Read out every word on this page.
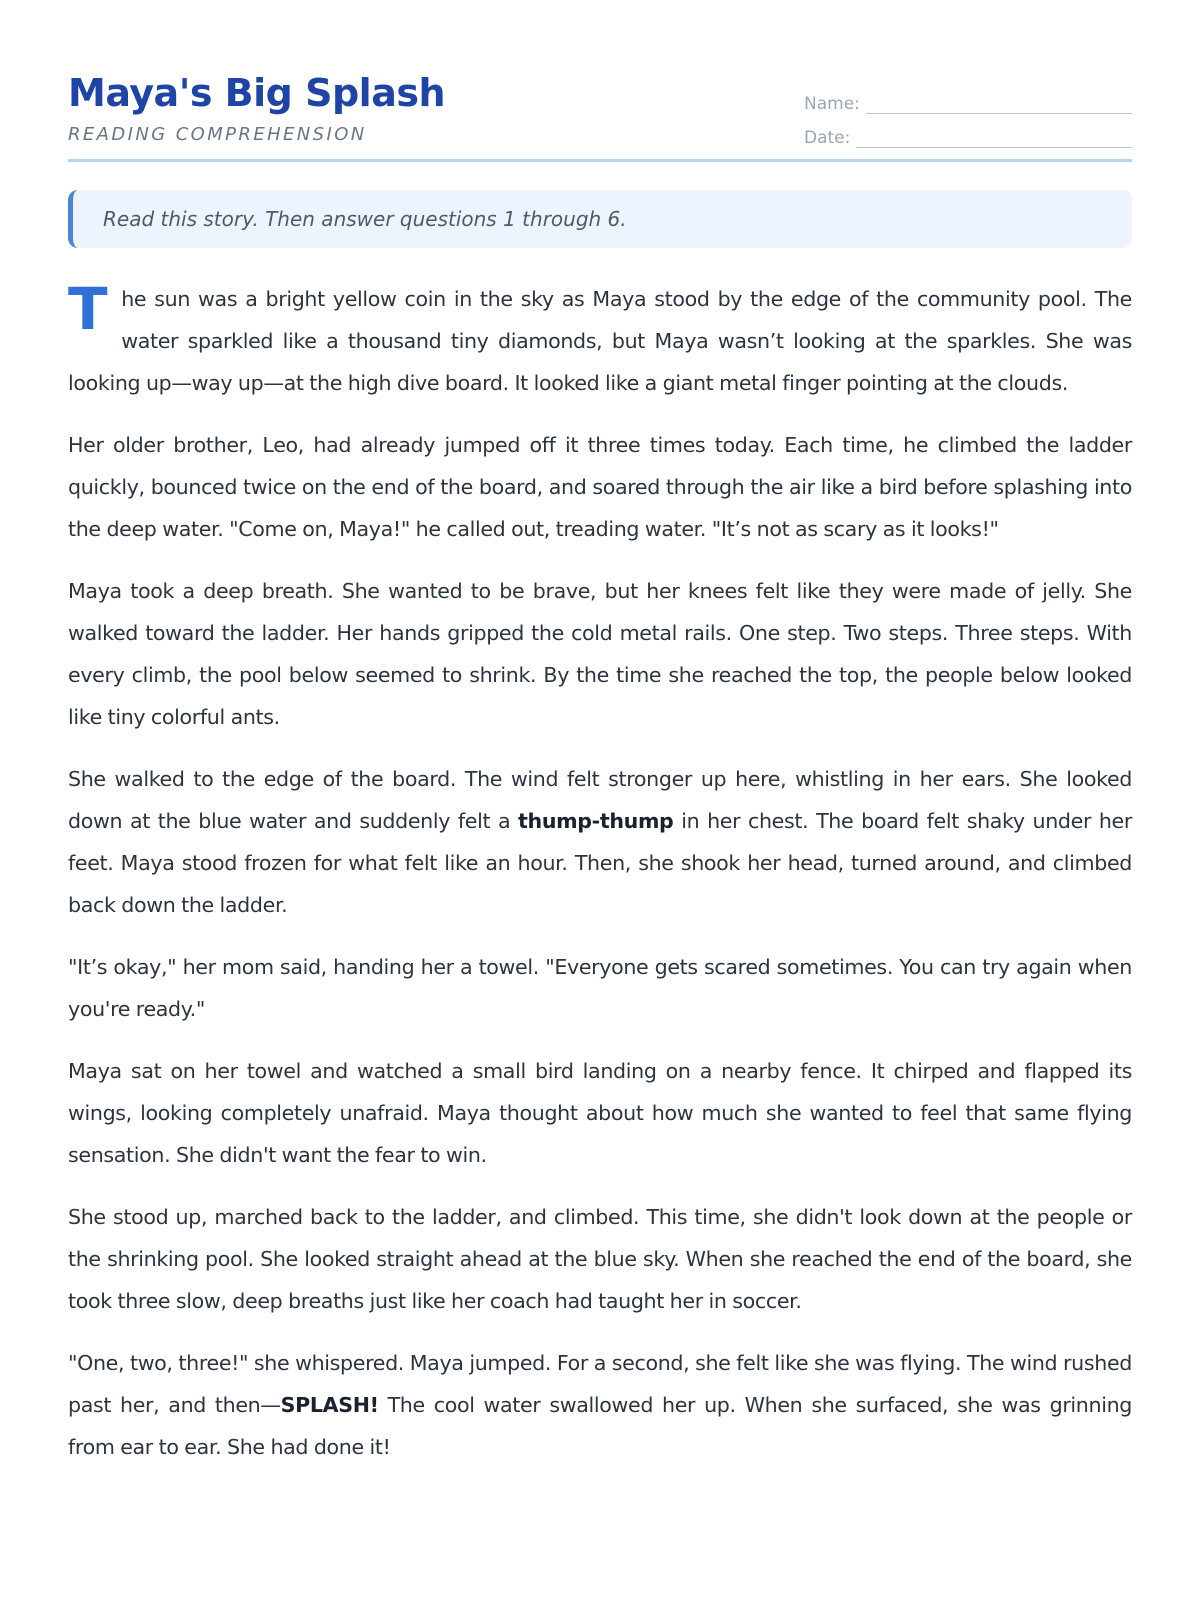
Maya's Big Splash
READING COMPREHENSION
Name:
Date:
Read this story. Then answer questions 1 through 6.

The sun was a bright yellow coin in the sky as Maya stood by the edge of the community pool. The water sparkled like a thousand tiny diamonds, but Maya wasn’t looking at the sparkles. She was looking up—way up—at the high dive board. It looked like a giant metal finger pointing at the clouds.

Her older brother, Leo, had already jumped off it three times today. Each time, he climbed the ladder quickly, bounced twice on the end of the board, and soared through the air like a bird before splashing into the deep water. "Come on, Maya!" he called out, treading water. "It’s not as scary as it looks!"

Maya took a deep breath. She wanted to be brave, but her knees felt like they were made of jelly. She walked toward the ladder. Her hands gripped the cold metal rails. One step. Two steps. Three steps. With every climb, the pool below seemed to shrink. By the time she reached the top, the people below looked like tiny colorful ants.

She walked to the edge of the board. The wind felt stronger up here, whistling in her ears. She looked down at the blue water and suddenly felt a thump-thump in her chest. The board felt shaky under her feet. Maya stood frozen for what felt like an hour. Then, she shook her head, turned around, and climbed back down the ladder.

"It’s okay," her mom said, handing her a towel. "Everyone gets scared sometimes. You can try again when you're ready."

Maya sat on her towel and watched a small bird landing on a nearby fence. It chirped and flapped its wings, looking completely unafraid. Maya thought about how much she wanted to feel that same flying sensation. She didn't want the fear to win.

She stood up, marched back to the ladder, and climbed. This time, she didn't look down at the people or the shrinking pool. She looked straight ahead at the blue sky. When she reached the end of the board, she took three slow, deep breaths just like her coach had taught her in soccer.

"One, two, three!" she whispered. Maya jumped. For a second, she felt like she was flying. The wind rushed past her, and then—SPLASH! The cool water swallowed her up. When she surfaced, she was grinning from ear to ear. She had done it!
